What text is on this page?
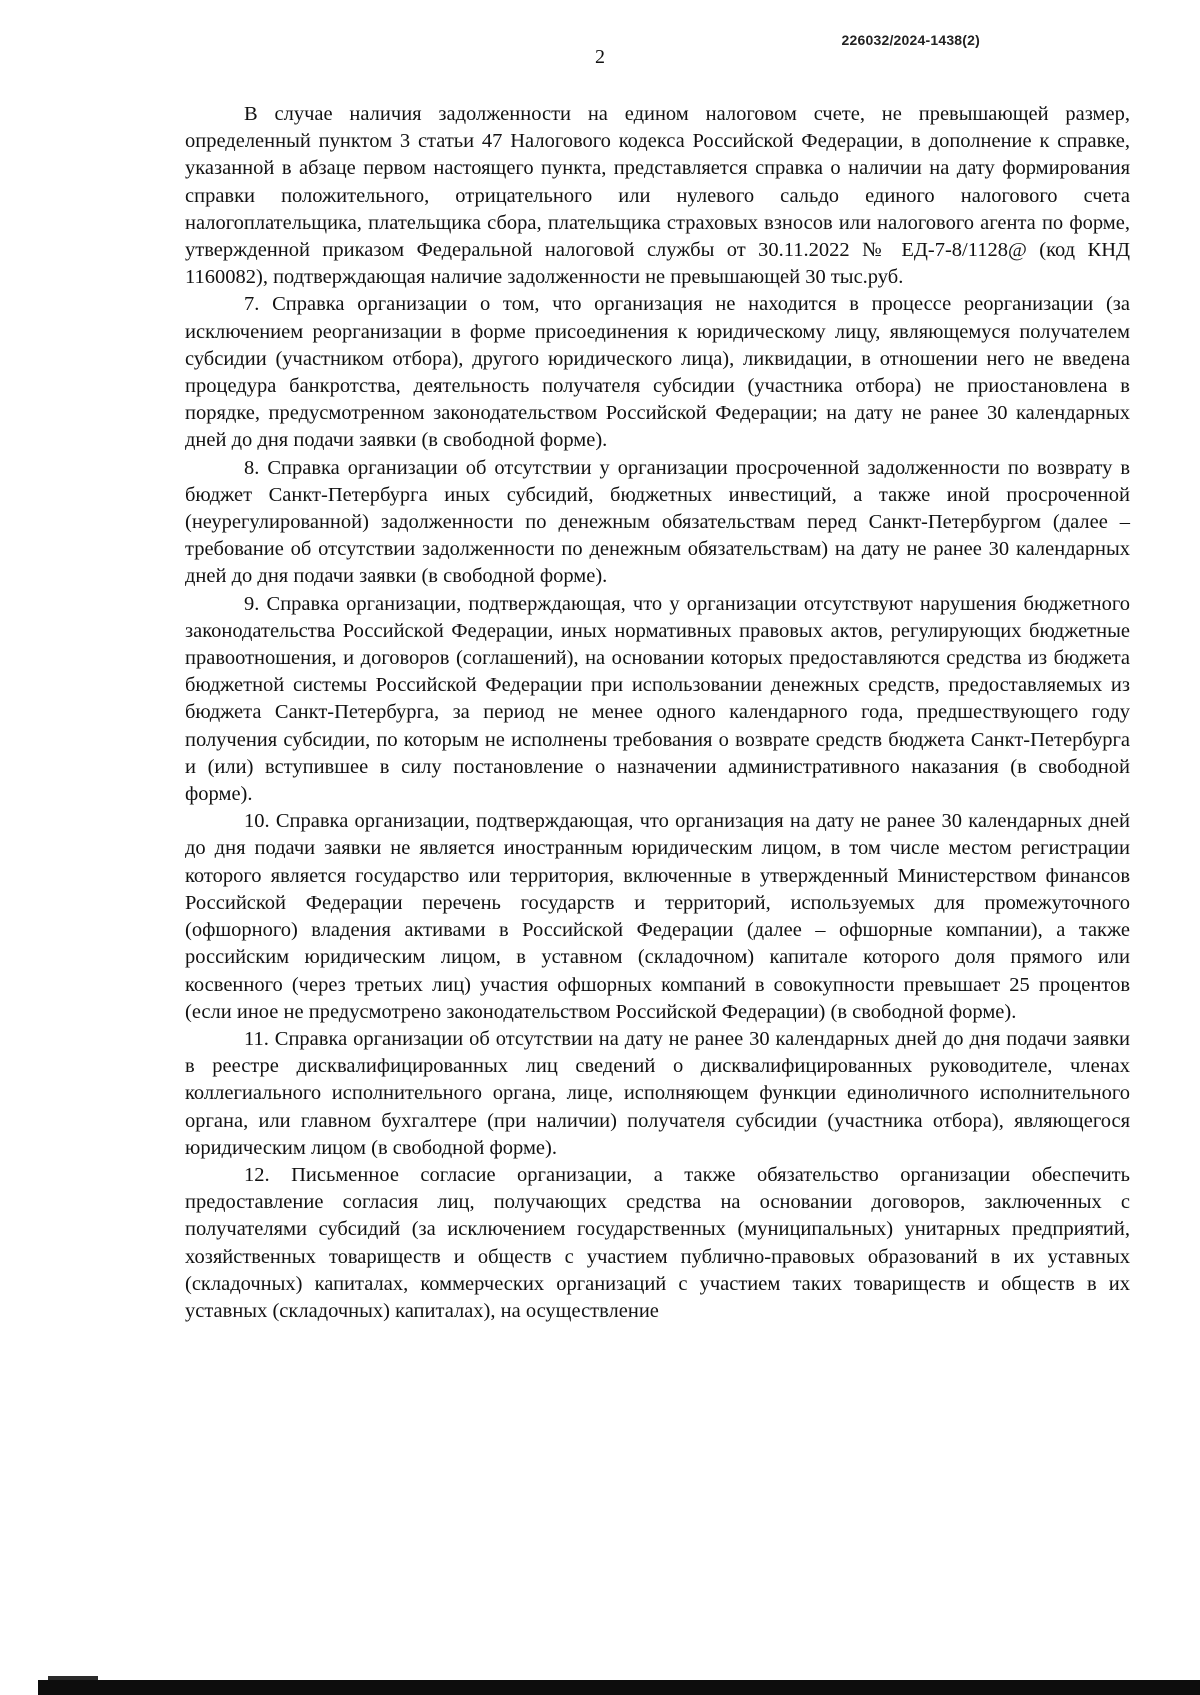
226032/2024-1438(2)
2

В случае наличия задолженности на едином налоговом счете, не превышающей размер, определенный пунктом 3 статьи 47 Налогового кодекса Российской Федерации, в дополнение к справке, указанной в абзаце первом настоящего пункта, представляется справка о наличии на дату формирования справки положительного, отрицательного или нулевого сальдо единого налогового счета налогоплательщика, плательщика сбора, плательщика страховых взносов или налогового агента по форме, утвержденной приказом Федеральной налоговой службы от 30.11.2022 № ЕД-7-8/1128@ (код КНД 1160082), подтверждающая наличие задолженности не превышающей 30 тыс.руб.

7. Справка организации о том, что организация не находится в процессе реорганизации (за исключением реорганизации в форме присоединения к юридическому лицу, являющемуся получателем субсидии (участником отбора), другого юридического лица), ликвидации, в отношении него не введена процедура банкротства, деятельность получателя субсидии (участника отбора) не приостановлена в порядке, предусмотренном законодательством Российской Федерации; на дату не ранее 30 календарных дней до дня подачи заявки (в свободной форме).

8. Справка организации об отсутствии у организации просроченной задолженности по возврату в бюджет Санкт-Петербурга иных субсидий, бюджетных инвестиций, а также иной просроченной (неурегулированной) задолженности по денежным обязательствам перед Санкт-Петербургом (далее – требование об отсутствии задолженности по денежным обязательствам) на дату не ранее 30 календарных дней до дня подачи заявки (в свободной форме).

9. Справка организации, подтверждающая, что у организации отсутствуют нарушения бюджетного законодательства Российской Федерации, иных нормативных правовых актов, регулирующих бюджетные правоотношения, и договоров (соглашений), на основании которых предоставляются средства из бюджета бюджетной системы Российской Федерации при использовании денежных средств, предоставляемых из бюджета Санкт-Петербурга, за период не менее одного календарного года, предшествующего году получения субсидии, по которым не исполнены требования о возврате средств бюджета Санкт-Петербурга и (или) вступившее в силу постановление о назначении административного наказания (в свободной форме).

10. Справка организации, подтверждающая, что организация на дату не ранее 30 календарных дней до дня подачи заявки не является иностранным юридическим лицом, в том числе местом регистрации которого является государство или территория, включенные в утвержденный Министерством финансов Российской Федерации перечень государств и территорий, используемых для промежуточного (офшорного) владения активами в Российской Федерации (далее – офшорные компании), а также российским юридическим лицом, в уставном (складочном) капитале которого доля прямого или косвенного (через третьих лиц) участия офшорных компаний в совокупности превышает 25 процентов (если иное не предусмотрено законодательством Российской Федерации) (в свободной форме).

11. Справка организации об отсутствии на дату не ранее 30 календарных дней до дня подачи заявки в реестре дисквалифицированных лиц сведений о дисквалифицированных руководителе, членах коллегиального исполнительного органа, лице, исполняющем функции единоличного исполнительного органа, или главном бухгалтере (при наличии) получателя субсидии (участника отбора), являющегося юридическим лицом (в свободной форме).

12. Письменное согласие организации, а также обязательство организации обеспечить предоставление согласия лиц, получающих средства на основании договоров, заключенных с получателями субсидий (за исключением государственных (муниципальных) унитарных предприятий, хозяйственных товариществ и обществ с участием публично-правовых образований в их уставных (складочных) капиталах, коммерческих организаций с участием таких товариществ и обществ в их уставных (складочных) капиталах), на осуществление
